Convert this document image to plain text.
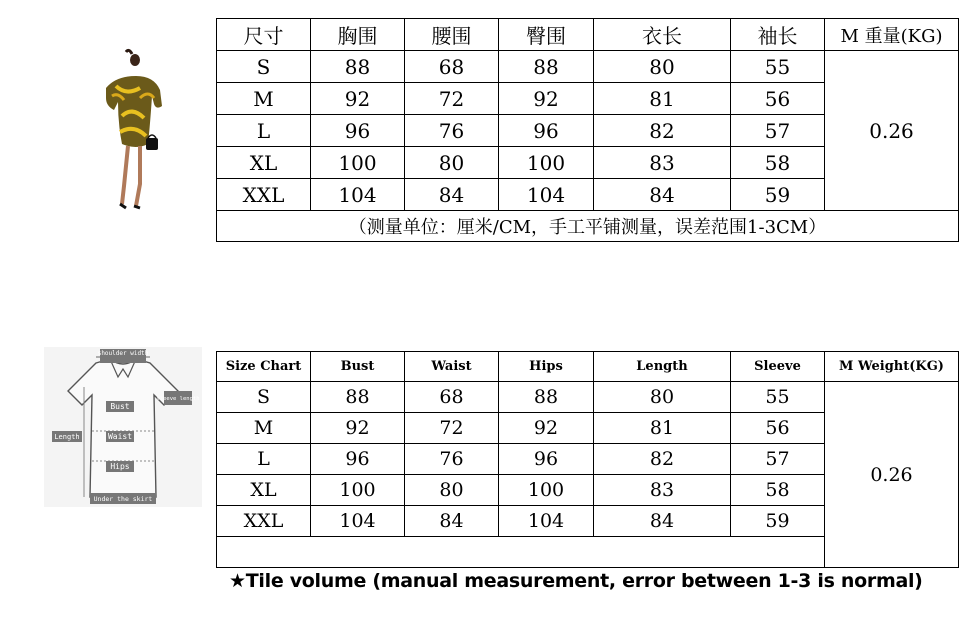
尺寸	胸围	腰围	臀围	衣长	袖长	M 重量(KG)
S	88	68	88	80	55	0.26
M	92	72	92	81	56	
L	96	76	96	82	57	
XL	100	80	100	83	58	
XXL	104	84	104	84	59	
（测量单位：厘米/CM，手工平铺测量，误差范围1-3CM）						
shoulder width
Bust
Waist
Hips
Length
sleeve length
Under the skirt
Size Chart	Bust	Waist	Hips	Length	Sleeve	M Weight(KG)
S	88	68	88	80	55	0.26
M	92	72	92	81	56	
L	96	76	96	82	57	
XL	100	80	100	83	58	
XXL	104	84	104	84	59	

★Tile volume (manual measurement, error between 1-3 is normal)
